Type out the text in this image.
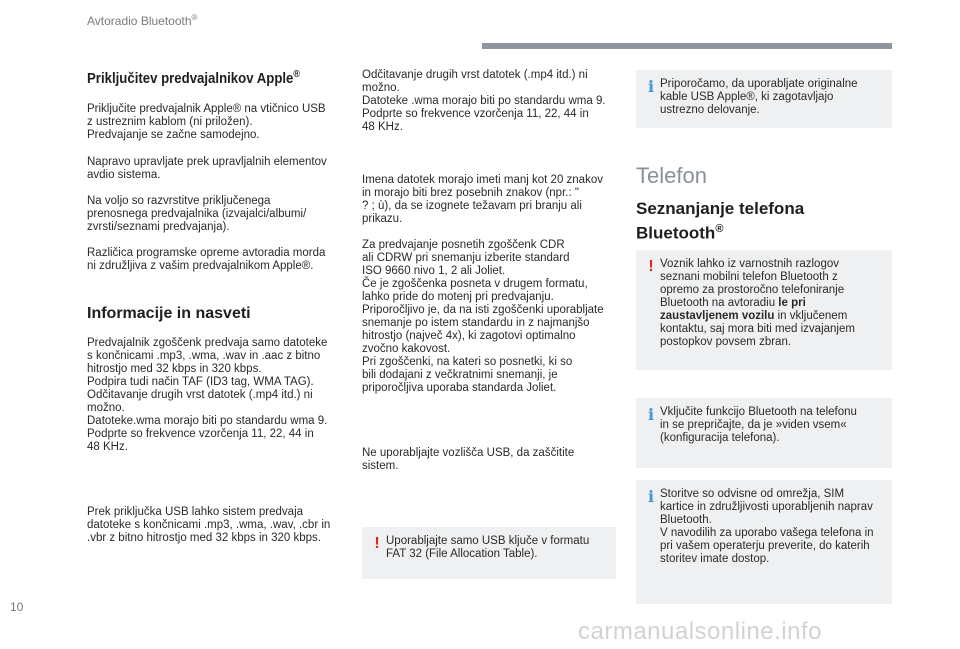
Avtoradio Bluetooth®
Priključitev predvajalnikov Apple®

Priključite predvajalnik Apple® na vtičnico USB
z ustreznim kablom (ni priložen).
Predvajanje se začne samodejno.

Napravo upravljate prek upravljalnih elementov
avdio sistema.

Na voljo so razvrstitve priključenega
prenosnega predvajalnika (izvajalci/albumi/
zvrsti/seznami predvajanja).

Različica programske opreme avtoradia morda
ni združljiva z vašim predvajalnikom Apple®.

Informacije in nasveti

Predvajalnik zgoščenk predvaja samo datoteke
s končnicami .mp3, .wma, .wav in .aac z bitno
hitrostjo med 32 kbps in 320 kbps.
Podpira tudi način TAF (ID3 tag, WMA TAG).
Odčitavanje drugih vrst datotek (.mp4 itd.) ni
možno.
Datoteke.wma morajo biti po standardu wma 9.
Podprte so frekvence vzorčenja 11, 22, 44 in
48 KHz.

Prek priključka USB lahko sistem predvaja
datoteke s končnicami .mp3, .wma, .wav, .cbr in
.vbr z bitno hitrostjo med 32 kbps in 320 kbps.

Odčitavanje drugih vrst datotek (.mp4 itd.) ni
možno.
Datoteke .wma morajo biti po standardu wma 9.
Podprte so frekvence vzorčenja 11, 22, 44 in
48 KHz.

Imena datotek morajo imeti manj kot 20 znakov
in morajo biti brez posebnih znakov (npr.: "
? ; ù), da se izognete težavam pri branju ali
prikazu.

Za predvajanje posnetih zgoščenk CDR
ali CDRW pri snemanju izberite standard
ISO 9660 nivo 1, 2 ali Joliet.
Če je zgoščenka posneta v drugem formatu,
lahko pride do motenj pri predvajanju.
Priporočljivo je, da na isti zgoščenki uporabljate
snemanje po istem standardu in z najmanjšo
hitrostjo (največ 4x), ki zagotovi optimalno
zvočno kakovost.
Pri zgoščenki, na kateri so posnetki, ki so
bili dodajani z večkratnimi snemanji, je
priporočljiva uporaba standarda Joliet.

Ne uporabljajte vozlišča USB, da zaščitite
sistem.

! Uporabljajte samo USB ključe v formatu
FAT 32 (File Allocation Table).

i Priporočamo, da uporabljate originalne
kable USB Apple®, ki zagotavljajo
ustrezno delovanje.

Telefon
Seznanjanje telefona
Bluetooth®
! Voznik lahko iz varnostnih razlogov
seznani mobilni telefon Bluetooth z
opremo za prostoročno telefoniranje
Bluetooth na avtoradiu le pri
zaustavljenem vozilu in vključenem
kontaktu, saj mora biti med izvajanjem
postopkov povsem zbran.

i Vključite funkcijo Bluetooth na telefonu
in se prepričajte, da je »viden vsem«
(konfiguracija telefona).

i Storitve so odvisne od omrežja, SIM
kartice in združljivosti uporabljenih naprav
Bluetooth.
V navodilih za uporabo vašega telefona in
pri vašem operaterju preverite, do katerih
storitev imate dostop.

10
carmanualsonline.info
